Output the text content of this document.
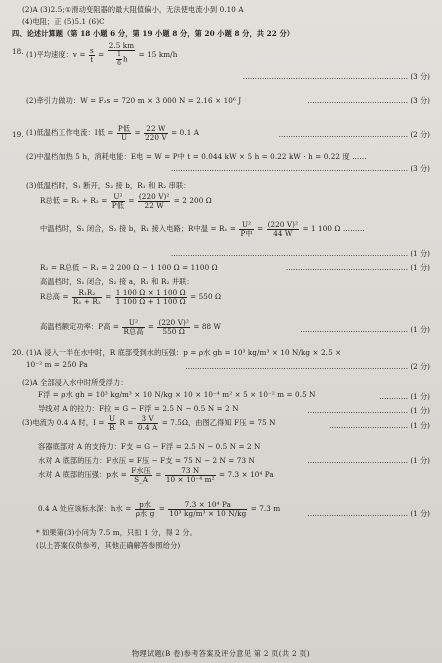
(2)A (3)2.5;①滑动变阻器的最大阻值偏小，无法使电流小到 0.10 A
(4)电阻；正 (5)5.1 (6)C
四、论述计算题（第 18 小题 6 分，第 19 小题 8 分，第 20 小题 8 分，共 22 分）
18. (1)平均速度：$v = \frac{s}{t} = \frac{2.5 km}{\frac{1}{6} h} = 15$ km/h
…………………………………………………………… (3 分)
(2)牵引力做功：W = F₂s = 720 m × 3 000 N = 2.16 × 10⁶ J	…………………………………… (3 分)
19. (1)低温档工作电流：I低 = $\frac{\text{P低}}{U} = \frac{22 W}{220 V} = 0.1$ A	……………………………………………… (2 分)
(2)中温档加热 5 h，消耗电能：E电 = W = P中 t = 0.044 kW × 5 h = 0.22 kW · h = 0.22 度 ……
……………………………………………………………………………………… (3 分)
(3)低温档时，S₁ 断开，S₂ 接 b，R₁ 和 R₂ 串联：
R总低 = $R_1 + R_2 = \frac{\text{U²}}{\text{P低}} = \frac{\text{(220 V)²}}{22 W} = 2$ 200 Ω
中温档时，S₁ 闭合，S₂ 接 b，R₁ 接入电路；R中温 = $R_1 = \frac{\text{U²}}{\text{P中}} = \frac{\text{(220 V)²}}{44 W} = 1$ 100 Ω ………
……………………………………………………………………………………… (1 分)
R₂ = R总低 − R₁ = 2 200 Ω − 1 100 Ω = 1100 Ω	…………………………………………… (1 分)
高温档时，S₁ 闭合，S₂ 接 a，R₁ 和 R₂ 并联：
R总高 = $\frac{\text{R₁R₂}}{\text{R₁ + R₂}} = \frac{1 100 \Omega \times 1 100 \Omega}{1 100 \Omega + 1 100 \Omega} = 550$ Ω
高温档额定功率：P高 = $\frac{\text{U²}}{\text{R总高}} = \frac{\text{(220 V)²}}{550 \Omega} = 88$ W	……………………………………… (1 分)
20. (1)A 浸入一半在水中时，R 底部受到水的压强：p = ρ水 gh = 10³ kg/m³ × 10 N/kg × 2.5 ×
10⁻² m = 250 Pa	………………………………………………………………………………… (2 分)
(2)A 全部浸入水中时所受浮力：
F浮 = ρ水 gh = 10³ kg/m³ × 10 N/kg × 10 × 10⁻⁴ m² × 5 × 10⁻² m = 0.5 N	………… (1 分)
导线对 A 的拉力：F拉 = G − F浮 = 2.5 N − 0.5 N = 2 N	…………………………………… (1 分)
(3)电流为 0.4 A 时，$I = \frac{U}{R}$ $R = \frac{3 V}{0.4 A} = 7.5\Omega$，由图乙得知 F压 = 75 N	…………………………… (1 分)
容器底部对 A 的支持力：F支 = G − F浮 = 2.5 N − 0.5 N = 2 N
水对 A 底部的压力：F水压 = F压 − F支 = 75 N − 2 N = 73 N	…………………………………… (1 分)
水对 A 底部的压强：p水 = $\frac{\text{F水压}}{S\_A} = \frac{73 N}{\text{10 × 10⁻⁴ m²}} = 7.3 \times 10^4$ Pa
0.4 A 处应该标水深：h水 = $\frac{\text{p水}}{\text{ρ水 g}} = \frac{\text{7.3 × 10⁴ Pa}}{\text{10³ kg/m³ × 10 N/kg}} = 7.3$ m
…………………………………… (1 分)
* 如果第(3)小问为 7.5 m，只扣 1 分，得 2 分。
(以上答案仅供参考，其他正确解答参照给分)
物理试题(B 卷)参考答案及评分意见 第 2 页(共 2 页)
